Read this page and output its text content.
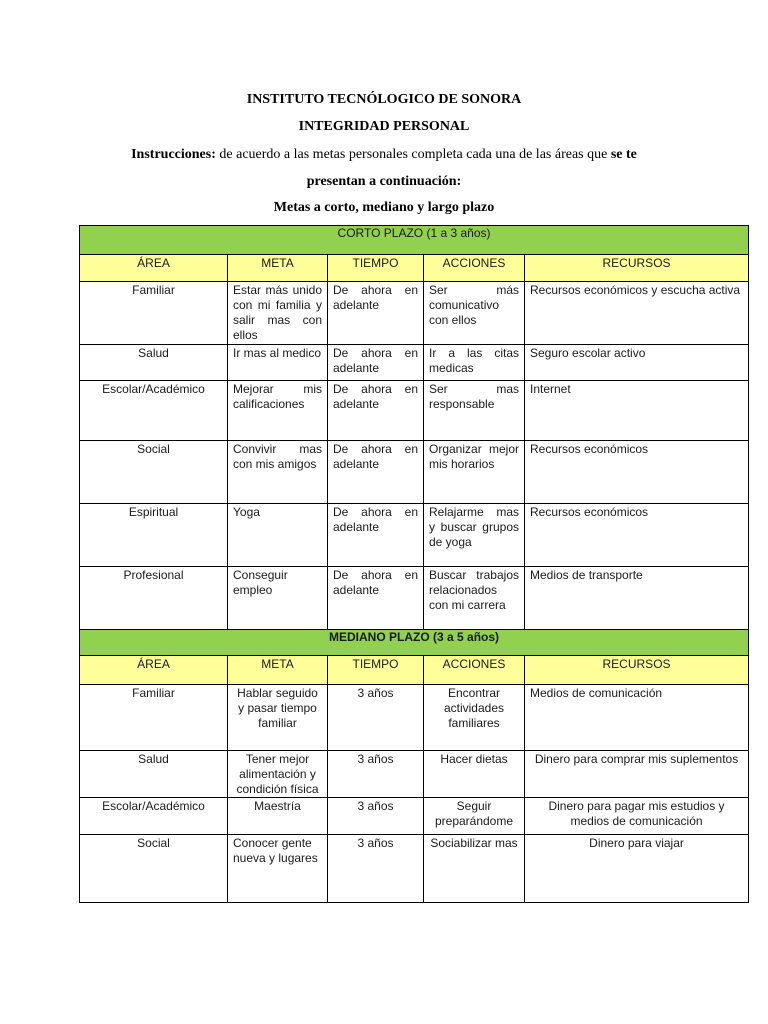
INSTITUTO TECNÓLOGICO DE SONORA
INTEGRIDAD PERSONAL
Instrucciones: de acuerdo a las metas personales completa cada una de las áreas que se te
presentan a continuación:
Metas a corto, mediano y largo plazo
CORTO PLAZO (1 a 3 años)				
ÁREA	META	TIEMPO	ACCIONES	RECURSOS
Familiar	Estar más unido con mi familia y salir mas con ellos	De ahora en adelante	Ser más comunicativo con ellos	Recursos económicos y escucha activa
Salud	Ir mas al medico	De ahora en adelante	Ir a las citas medicas	Seguro escolar activo
Escolar/Académico	Mejorar mis calificaciones	De ahora en adelante	Ser mas responsable	Internet
Social	Convivir mas con mis amigos	De ahora en adelante	Organizar mejor mis horarios	Recursos económicos
Espiritual	Yoga	De ahora en adelante	Relajarme mas y buscar grupos de yoga	Recursos económicos
Profesional	Conseguir empleo	De ahora en adelante	Buscar trabajos relacionados con mi carrera	Medios de transporte
MEDIANO PLAZO (3 a 5 años)				
ÁREA	META	TIEMPO	ACCIONES	RECURSOS
Familiar	Hablar seguido y pasar tiempo familiar	3 años	Encontrar actividades familiares	Medios de comunicación
Salud	Tener mejor alimentación y condición física	3 años	Hacer dietas	Dinero para comprar mis suplementos
Escolar/Académico	Maestría	3 años	Seguir preparándome	Dinero para pagar mis estudios y medios de comunicación
Social	Conocer gente nueva y lugares	3 años	Sociabilizar mas	Dinero para viajar
